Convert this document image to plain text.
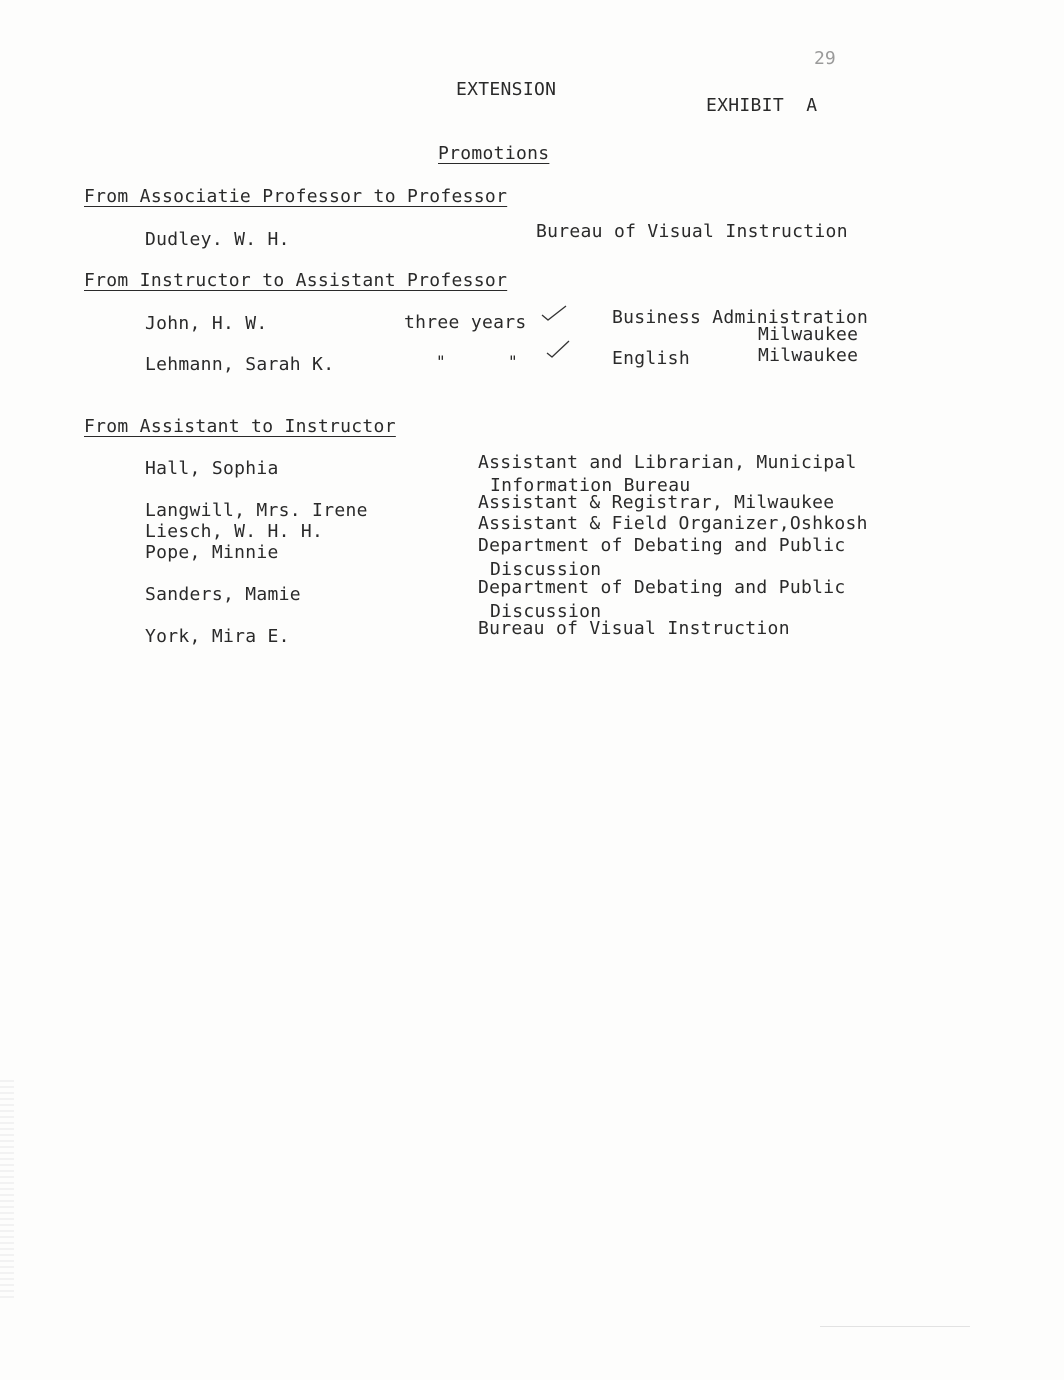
29
EXTENSION
EXHIBIT  A
Promotions
From Associatie Professor to Professor
Dudley. W. H.	Bureau of Visual Instruction
From Instructor to Assistant Professor
John, H. W.	three years	Business Administration
Milwaukee
Lehmann, Sarah K.	"	"	English	Milwaukee
From Assistant to Instructor
Hall, Sophia	Assistant and Librarian, Municipal
Information Bureau
Langwill, Mrs. Irene	Assistant & Registrar, Milwaukee
Liesch, W. H. H.	Assistant & Field Organizer,Oshkosh
Pope, Minnie	Department of Debating and Public
Discussion
Sanders, Mamie	Department of Debating and Public
Discussion
York, Mira E.	Bureau of Visual Instruction
